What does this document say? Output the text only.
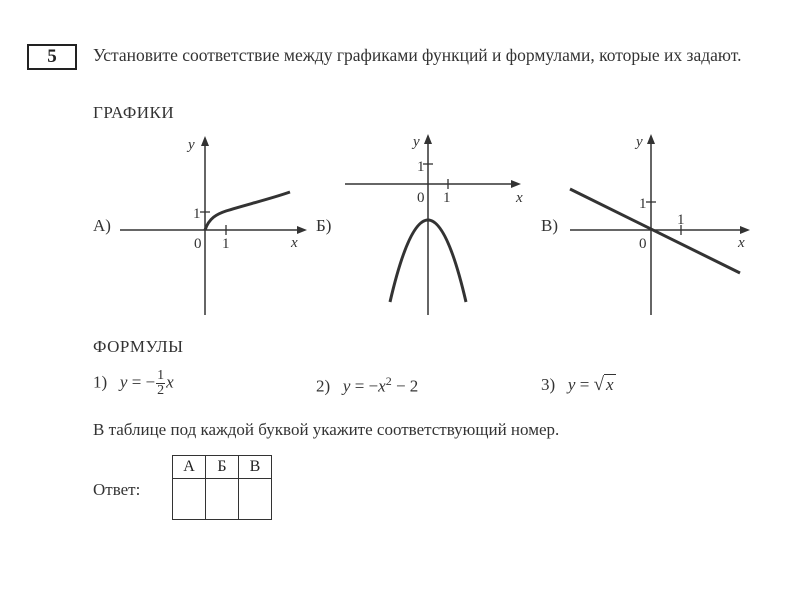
5 Установите соответствие между графиками функций и формулами, которые их задают.
ГРАФИКИ
А)
y
x
1
0 1
Б)
y
x
1
0 1
В)
y
x
1
0
1
ФОРМУЛЫ
1) y = − $\frac{1}{2}$ x	2) $y = -x^2 - 2$	3) y = √ x
В таблице под каждой буквой укажите соответствующий номер.
Ответ:
А	Б	В
